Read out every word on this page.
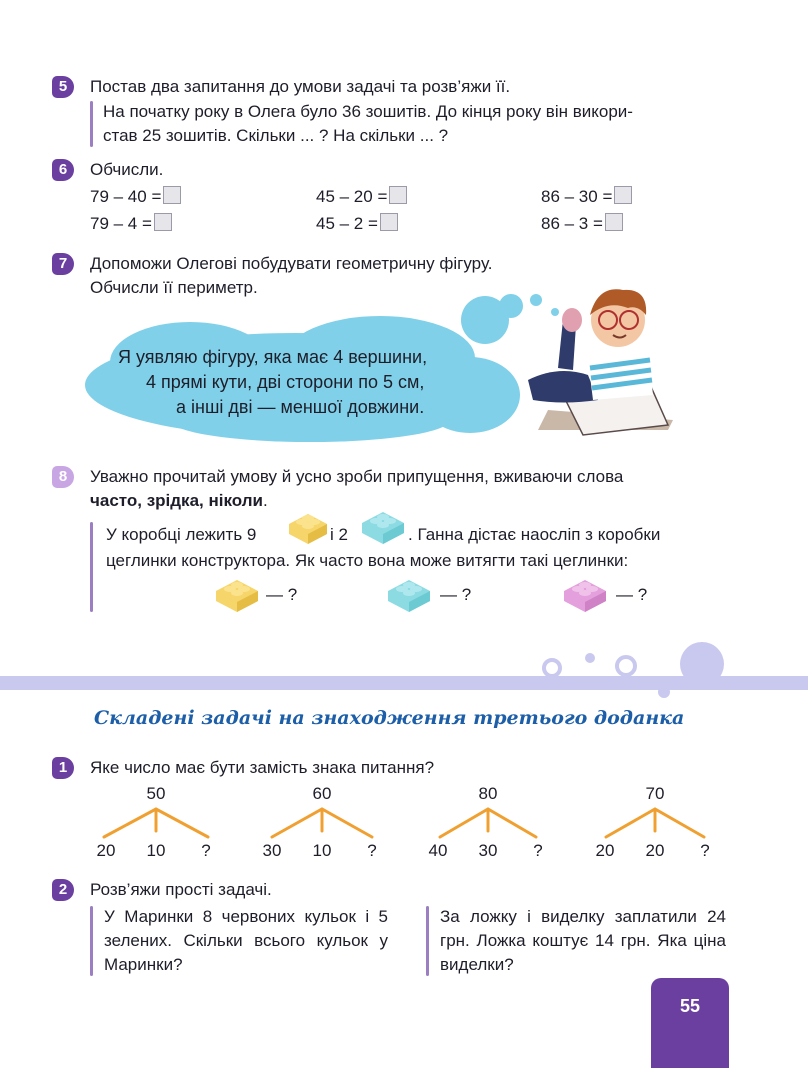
5	Постав два запитання до умови задачі та розв’яжи її.
На початку року в Олега було 36 зошитів. До кінця року він викори-
став 25 зошитів. Скільки ... ? На скільки ... ?
6	Обчисли.
79 – 40 =	45 – 20 =	86 – 30 =
79 – 4 =	45 – 2 =	86 – 3 =
7	Допоможи Олегові побудувати геометричну фігуру.
Обчисли її периметр.
Я уявляю фігуру, яка має 4 вершини,
4 прямі кути, дві сторони по 5 см,
а інші дві — меншої довжини.
8	Уважно прочитай умову й усно зроби припущення, вживаючи слова
часто, зрідка, ніколи.
У коробці лежить 9	і 2	. Ганна дістає наосліп з коробки
цеглинки конструктора. Як часто вона може витягти такі цеглинки:
— ?	— ?	— ?
Складені задачі на знаходження третього доданка
1	Яке число має бути замість знака питання?
50
20	10	?
60
30	10	?
80
40	30	?
70
20	20	?
2	Розв’яжи прості задачі.
У Маринки 8 червоних кульок і 5 зелених. Скільки всього кульок у Маринки?
За ложку і виделку заплатили 24 грн. Ложка коштує 14 грн. Яка ціна виделки?
55
